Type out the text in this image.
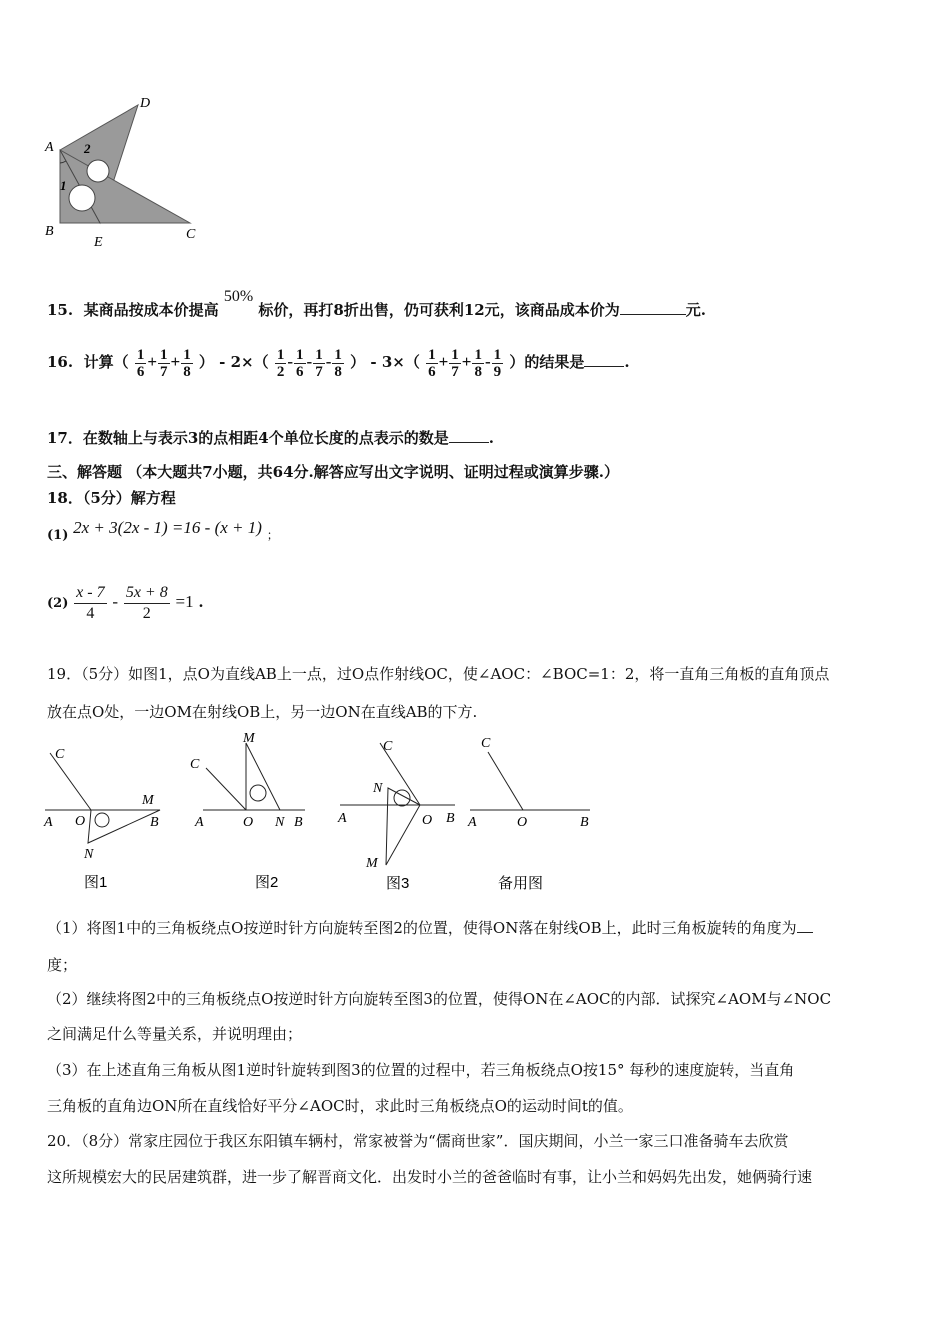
A
D
B
E
C
2
1
15. 某商品按成本价提高 50% 标价，再打8折出售，仍可获利12元，该商品成本价为	元.
16. 计算（ $\frac{1}{6} + \frac{1}{7} + \frac{1}{8}$ ） - $2\times( \frac{1}{2} - \frac{1}{6} - \frac{1}{7} - \frac{1}{8}$ ） - $3\times( \frac{1}{6} + \frac{1}{7} + \frac{1}{8} - \frac{1}{9}$ ）的结果是	.
17．在数轴上与表示3的点相距4个单位长度的点表示的数是	.
三、解答题 （本大题共7小题，共64分.解答应写出文字说明、证明过程或演算步骤.）
18．（5分）解方程
(1) 2x + 3(2x - 1) =16 - (x + 1) ；
$(2) \frac{x - 7}{4} - \frac{5x + 8}{2} =1$ .
19．（5分）如图1，点O为直线AB上一点，过O点作射线OC，使∠AOC：∠BOC=1：2，将一直角三角板的直角顶点
放在点O处，一边OM在射线OB上，另一边ON在直线AB的下方.
C
A O	B
M
N
图1
C
M
A	O N B
图2
C
N
A	O B
M
图3
C
A	O	B
备用图
（1）将图1中的三角板绕点O按逆时针方向旋转至图2的位置，使得ON落在射线OB上，此时三角板旋转的角度为
度；
（2）继续将图2中的三角板绕点O按逆时针方向旋转至图3的位置，使得ON在∠AOC的内部．试探究∠AOM与∠NOC
之间满足什么等量关系，并说明理由；
（3）在上述直角三角板从图1逆时针旋转到图3的位置的过程中，若三角板绕点O按15° 每秒的速度旋转，当直角
三角板的直角边ON所在直线恰好平分∠AOC时，求此时三角板绕点O的运动时间t的值。
20．（8分）常家庄园位于我区东阳镇车辆村，常家被誉为“儒商世家”．国庆期间，小兰一家三口准备骑车去欣赏
这所规模宏大的民居建筑群，进一步了解晋商文化．出发时小兰的爸爸临时有事，让小兰和妈妈先出发，她俩骑行速
